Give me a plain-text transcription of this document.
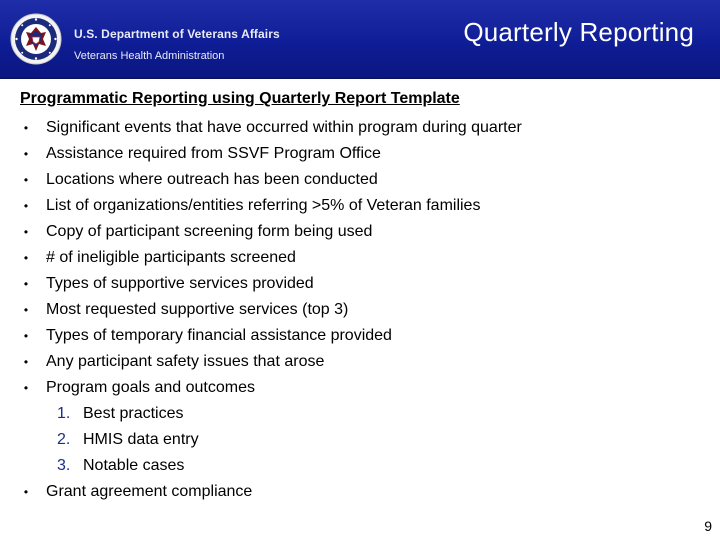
U.S. Department of Veterans Affairs
Veterans Health Administration
Quarterly Reporting
Programmatic Reporting using Quarterly Report Template
• Significant events that have occurred within program during quarter
• Assistance required from SSVF Program Office
• Locations where outreach has been conducted
• List of organizations/entities referring >5% of Veteran families
• Copy of participant screening form being used
• # of ineligible participants screened
• Types of supportive services provided
• Most requested supportive services (top 3)
• Types of temporary financial assistance provided
• Any participant safety issues that arose
• Program goals and outcomes
1. Best practices
2. HMIS data entry
3. Notable cases
• Grant agreement compliance
9
